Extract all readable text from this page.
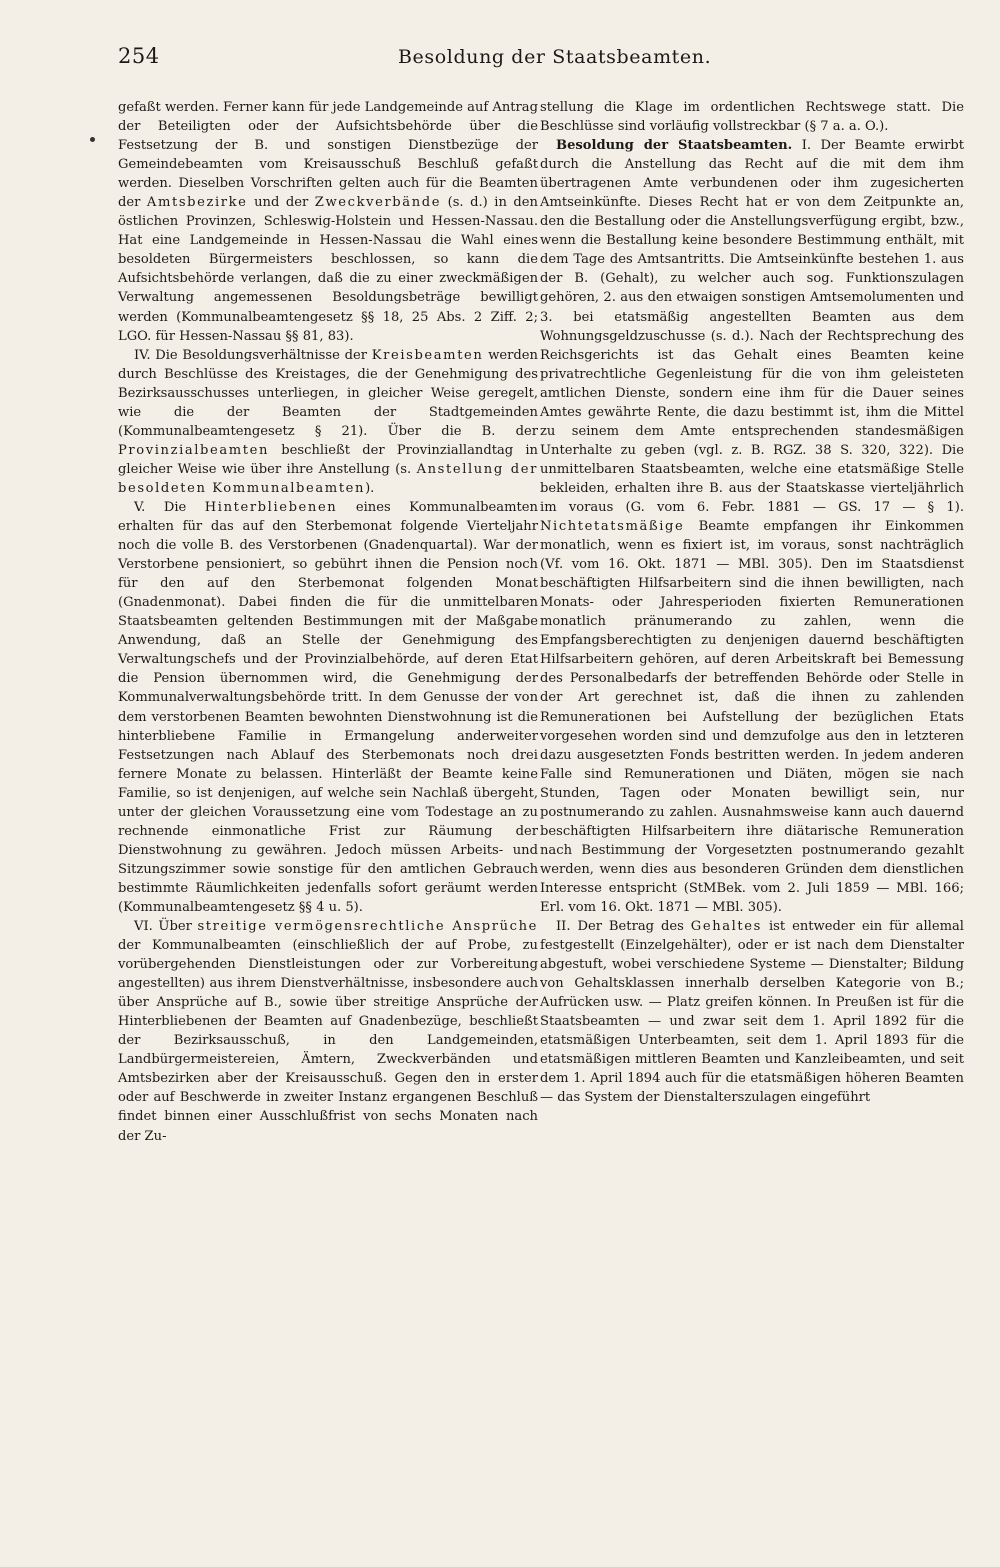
254	Besoldung der Staatsbeamten.

gefaßt werden. Ferner kann für jede Landgemeinde auf Antrag der Beteiligten oder der Aufsichtsbehörde über die Festsetzung der B. und sonstigen Dienstbezüge der Gemeindebeamten vom Kreisausschuß Beschluß gefaßt werden. Dieselben Vorschriften gelten auch für die Beamten der Amtsbezirke und der Zweckverbände (s. d.) in den östlichen Provinzen, Schleswig-Holstein und Hessen-Nassau. Hat eine Landgemeinde in Hessen-Nassau die Wahl eines besoldeten Bürgermeisters beschlossen, so kann die Aufsichtsbehörde verlangen, daß die zu einer zweckmäßigen Verwaltung angemessenen Besoldungsbeträge bewilligt werden (Kommunalbeamtengesetz §§ 18, 25 Abs. 2 Ziff. 2; LGO. für Hessen-Nassau §§ 81, 83).

IV. Die Besoldungsverhältnisse der Kreisbeamten werden durch Beschlüsse des Kreistages, die der Genehmigung des Bezirksausschusses unterliegen, in gleicher Weise geregelt, wie die der Beamten der Stadtgemeinden (Kommunalbeamtengesetz § 21). Über die B. der Provinzialbeamten beschließt der Provinziallandtag in gleicher Weise wie über ihre Anstellung (s. Anstellung der besoldeten Kommunalbeamten).

V. Die Hinterbliebenen eines Kommunalbeamten erhalten für das auf den Sterbemonat folgende Vierteljahr noch die volle B. des Verstorbenen (Gnadenquartal). War der Verstorbene pensioniert, so gebührt ihnen die Pension noch für den auf den Sterbemonat folgenden Monat (Gnadenmonat). Dabei finden die für die unmittelbaren Staatsbeamten geltenden Bestimmungen mit der Maßgabe Anwendung, daß an Stelle der Genehmigung des Verwaltungschefs und der Provinzialbehörde, auf deren Etat die Pension übernommen wird, die Genehmigung der Kommunalverwaltungsbehörde tritt. In dem Genusse der von dem verstorbenen Beamten bewohnten Dienstwohnung ist die hinterbliebene Familie in Ermangelung anderweiter Festsetzungen nach Ablauf des Sterbemonats noch drei fernere Monate zu belassen. Hinterläßt der Beamte keine Familie, so ist denjenigen, auf welche sein Nachlaß übergeht, unter der gleichen Voraussetzung eine vom Todestage an zu rechnende einmonatliche Frist zur Räumung der Dienstwohnung zu gewähren. Jedoch müssen Arbeits- und Sitzungszimmer sowie sonstige für den amtlichen Gebrauch bestimmte Räumlichkeiten jedenfalls sofort geräumt werden (Kommunalbeamtengesetz §§ 4 u. 5).

VI. Über streitige vermögensrechtliche Ansprüche der Kommunalbeamten (einschließlich der auf Probe, zu vorübergehenden Dienstleistungen oder zur Vorbereitung angestellten) aus ihrem Dienstverhältnisse, insbesondere auch über Ansprüche auf B., sowie über streitige Ansprüche der Hinterbliebenen der Beamten auf Gnadenbezüge, beschließt der Bezirksausschuß, in den Landgemeinden, Landbürgermeistereien, Ämtern, Zweckverbänden und Amtsbezirken aber der Kreisausschuß. Gegen den in erster oder auf Beschwerde in zweiter Instanz ergangenen Beschluß findet binnen einer Ausschlußfrist von sechs Monaten nach der Zu-

stellung die Klage im ordentlichen Rechtswege statt. Die Beschlüsse sind vorläufig vollstreckbar (§ 7 a. a. O.).

Besoldung der Staatsbeamten. I. Der Beamte erwirbt durch die Anstellung das Recht auf die mit dem ihm übertragenen Amte verbundenen oder ihm zugesicherten Amtseinkünfte. Dieses Recht hat er von dem Zeitpunkte an, den die Bestallung oder die Anstellungsverfügung ergibt, bzw., wenn die Bestallung keine besondere Bestimmung enthält, mit dem Tage des Amtsantritts. Die Amtseinkünfte bestehen 1. aus der B. (Gehalt), zu welcher auch sog. Funktionszulagen gehören, 2. aus den etwaigen sonstigen Amtsemolumenten und 3. bei etatsmäßig angestellten Beamten aus dem Wohnungsgeldzuschusse (s. d.). Nach der Rechtsprechung des Reichsgerichts ist das Gehalt eines Beamten keine privatrechtliche Gegenleistung für die von ihm geleisteten amtlichen Dienste, sondern eine ihm für die Dauer seines Amtes gewährte Rente, die dazu bestimmt ist, ihm die Mittel zu seinem dem Amte entsprechenden standesmäßigen Unterhalte zu geben (vgl. z. B. RGZ. 38 S. 320, 322). Die unmittelbaren Staatsbeamten, welche eine etatsmäßige Stelle bekleiden, erhalten ihre B. aus der Staatskasse vierteljährlich im voraus (G. vom 6. Febr. 1881 — GS. 17 — § 1). Nichtetatsmäßige Beamte empfangen ihr Einkommen monatlich, wenn es fixiert ist, im voraus, sonst nachträglich (Vf. vom 16. Okt. 1871 — MBl. 305). Den im Staatsdienst beschäftigten Hilfsarbeitern sind die ihnen bewilligten, nach Monats- oder Jahresperioden fixierten Remunerationen monatlich pränumerando zu zahlen, wenn die Empfangsberechtigten zu denjenigen dauernd beschäftigten Hilfsarbeitern gehören, auf deren Arbeitskraft bei Bemessung des Personalbedarfs der betreffenden Behörde oder Stelle in der Art gerechnet ist, daß die ihnen zu zahlenden Remunerationen bei Aufstellung der bezüglichen Etats vorgesehen worden sind und demzufolge aus den in letzteren dazu ausgesetzten Fonds bestritten werden. In jedem anderen Falle sind Remunerationen und Diäten, mögen sie nach Stunden, Tagen oder Monaten bewilligt sein, nur postnumerando zu zahlen. Ausnahmsweise kann auch dauernd beschäftigten Hilfsarbeitern ihre diätarische Remuneration nach Bestimmung der Vorgesetzten postnumerando gezahlt werden, wenn dies aus besonderen Gründen dem dienstlichen Interesse entspricht (StMBek. vom 2. Juli 1859 — MBl. 166; Erl. vom 16. Okt. 1871 — MBl. 305).

II. Der Betrag des Gehaltes ist entweder ein für allemal festgestellt (Einzelgehälter), oder er ist nach dem Dienstalter abgestuft, wobei verschiedene Systeme — Dienstalter; Bildung von Gehaltsklassen innerhalb derselben Kategorie von B.; Aufrücken usw. — Platz greifen können. In Preußen ist für die Staatsbeamten — und zwar seit dem 1. April 1892 für die etatsmäßigen Unterbeamten, seit dem 1. April 1893 für die etatsmäßigen mittleren Beamten und Kanzleibeamten, und seit dem 1. April 1894 auch für die etatsmäßigen höheren Beamten — das System der Dienstalterszulagen eingeführt
